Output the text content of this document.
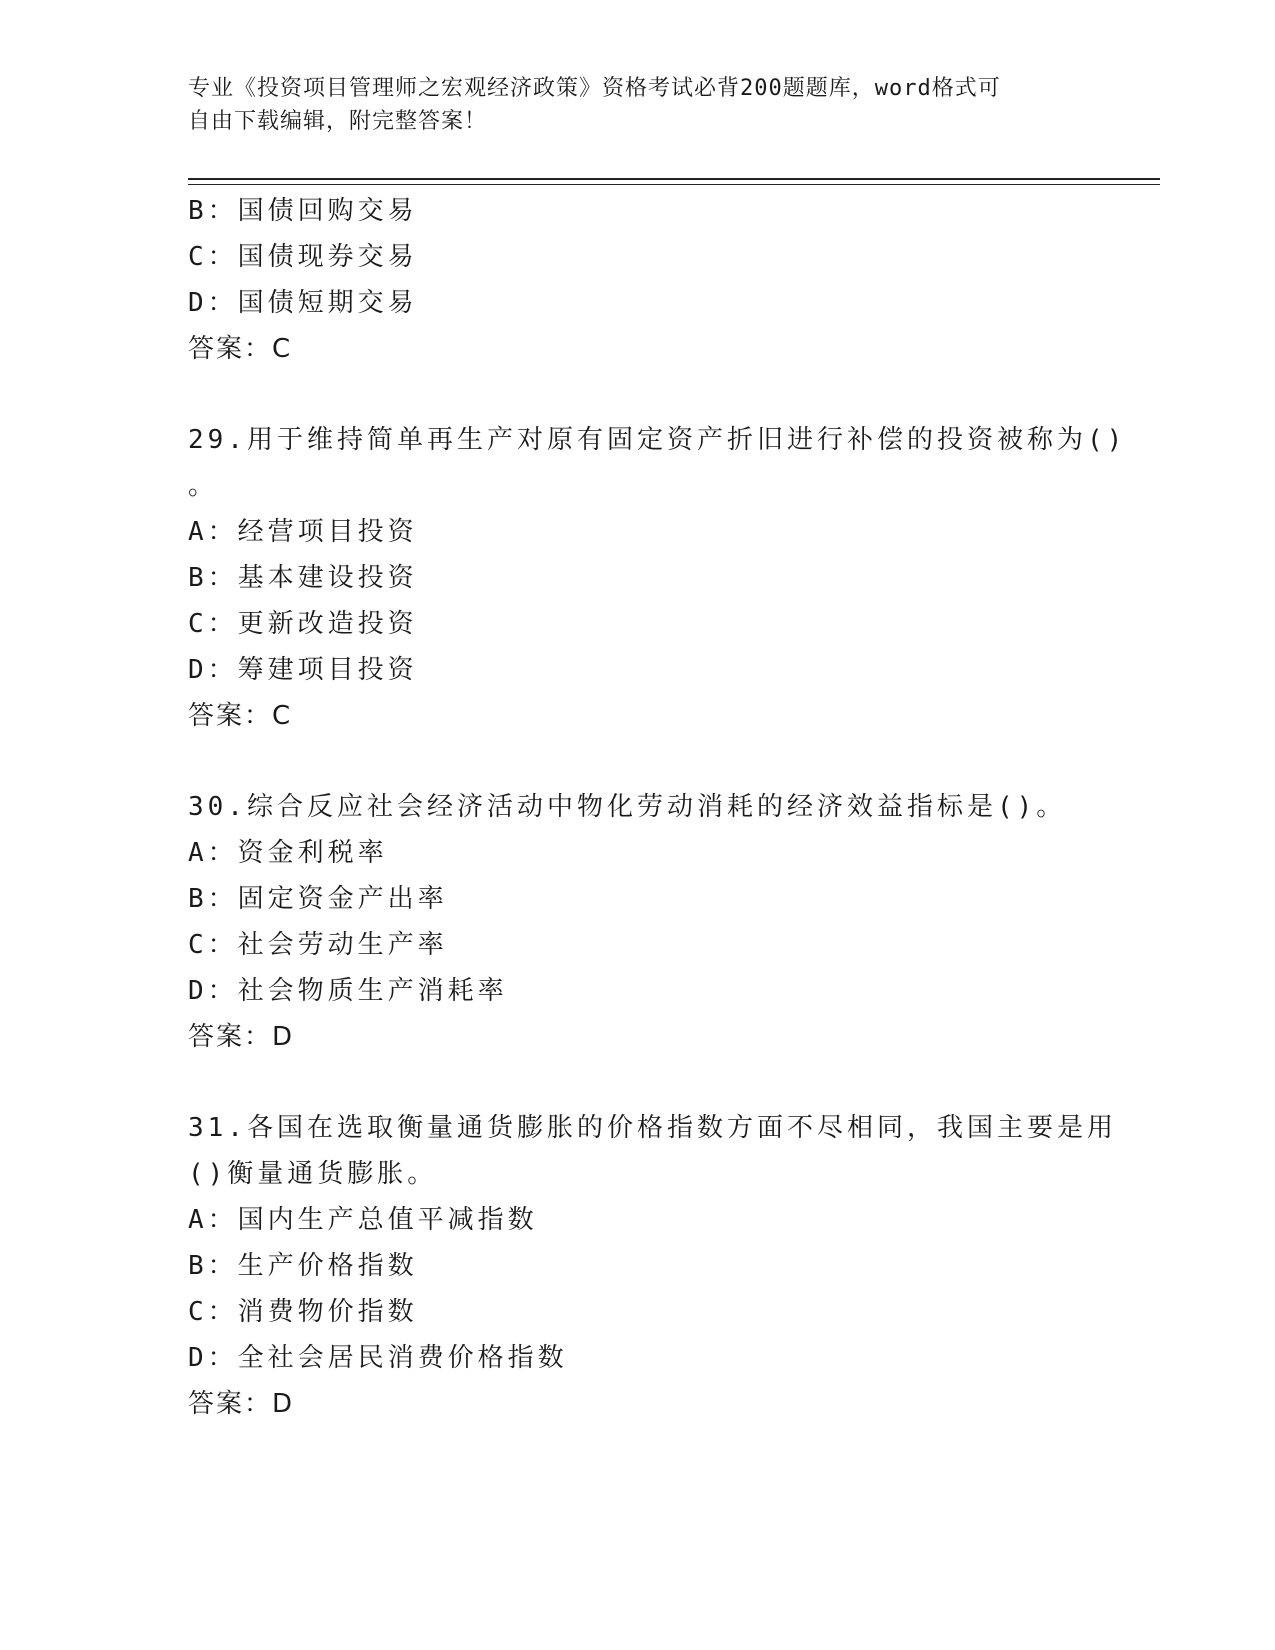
专业《投资项目管理师之宏观经济政策》资格考试必背200题题库，word格式可
自由下载编辑，附完整答案！
B：国债回购交易
C：国债现券交易
D：国债短期交易
答案：C
29.用于维持简单再生产对原有固定资产折旧进行补偿的投资被称为()
。
A：经营项目投资
B：基本建设投资
C：更新改造投资
D：筹建项目投资
答案：C
30.综合反应社会经济活动中物化劳动消耗的经济效益指标是()。
A：资金利税率
B：固定资金产出率
C：社会劳动生产率
D：社会物质生产消耗率
答案：D
31.各国在选取衡量通货膨胀的价格指数方面不尽相同，我国主要是用
()衡量通货膨胀。
A：国内生产总值平减指数
B：生产价格指数
C：消费物价指数
D：全社会居民消费价格指数
答案：D
